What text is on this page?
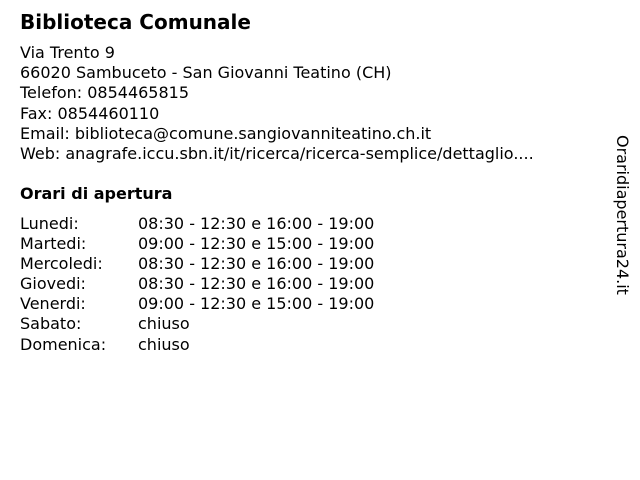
Biblioteca Comunale
Via Trento 9
66020 Sambuceto - San Giovanni Teatino (CH)
Telefon: 0854465815
Fax: 0854460110
Email: biblioteca@comune.sangiovanniteatino.ch.it
Web: anagrafe.iccu.sbn.it/it/ricerca/ricerca-semplice/dettaglio....
Orari di apertura
Lunedi:	08:30 - 12:30 e 16:00 - 19:00
Martedi:	09:00 - 12:30 e 15:00 - 19:00
Mercoledi: 08:30 - 12:30 e 16:00 - 19:00
Giovedi:	08:30 - 12:30 e 16:00 - 19:00
Venerdi:	09:00 - 12:30 e 15:00 - 19:00
Sabato:	chiuso
Domenica: chiuso
Oraridiapertura24.it
